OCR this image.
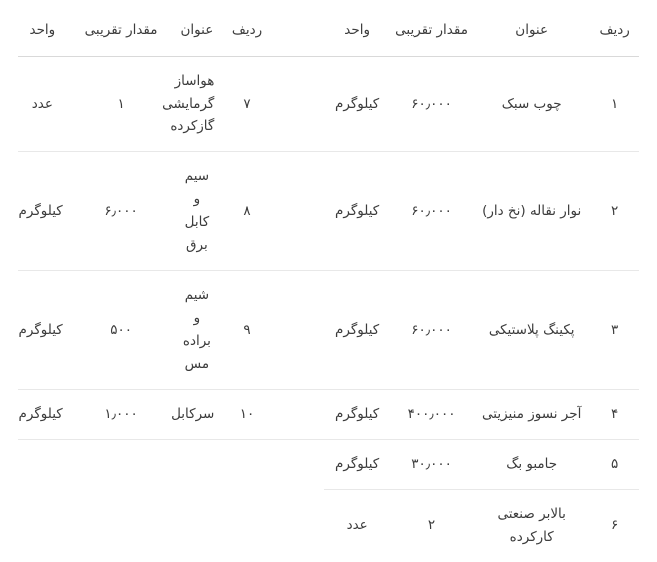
ردیف	عنوان	مقدار تقریبی	واحد		ردیف	عنوان	مقدار تقریبی	واحد
۱	چوب سبک	۶۰٫۰۰۰	کیلوگرم		۷	هواساز گرمایشی گازکرده	۱	عدد
۲	نوار نقاله (نخ دار)	۶۰٫۰۰۰	کیلوگرم		۸	سیم و کابل برق	۶٫۰۰۰	کیلوگرم
۳	پکینگ پلاستیکی	۶۰٫۰۰۰	کیلوگرم		۹	شیم و براده مس	۵۰۰	کیلوگرم
۴	آجر نسوز منیزیتی	۴۰۰٫۰۰۰	کیلوگرم		۱۰	سرکابل	۱٫۰۰۰	کیلوگرم
۵	جامبو بگ	۳۰٫۰۰۰	کیلوگرم					
۶	بالابر صنعتی کارکرده	۲	عدد					
